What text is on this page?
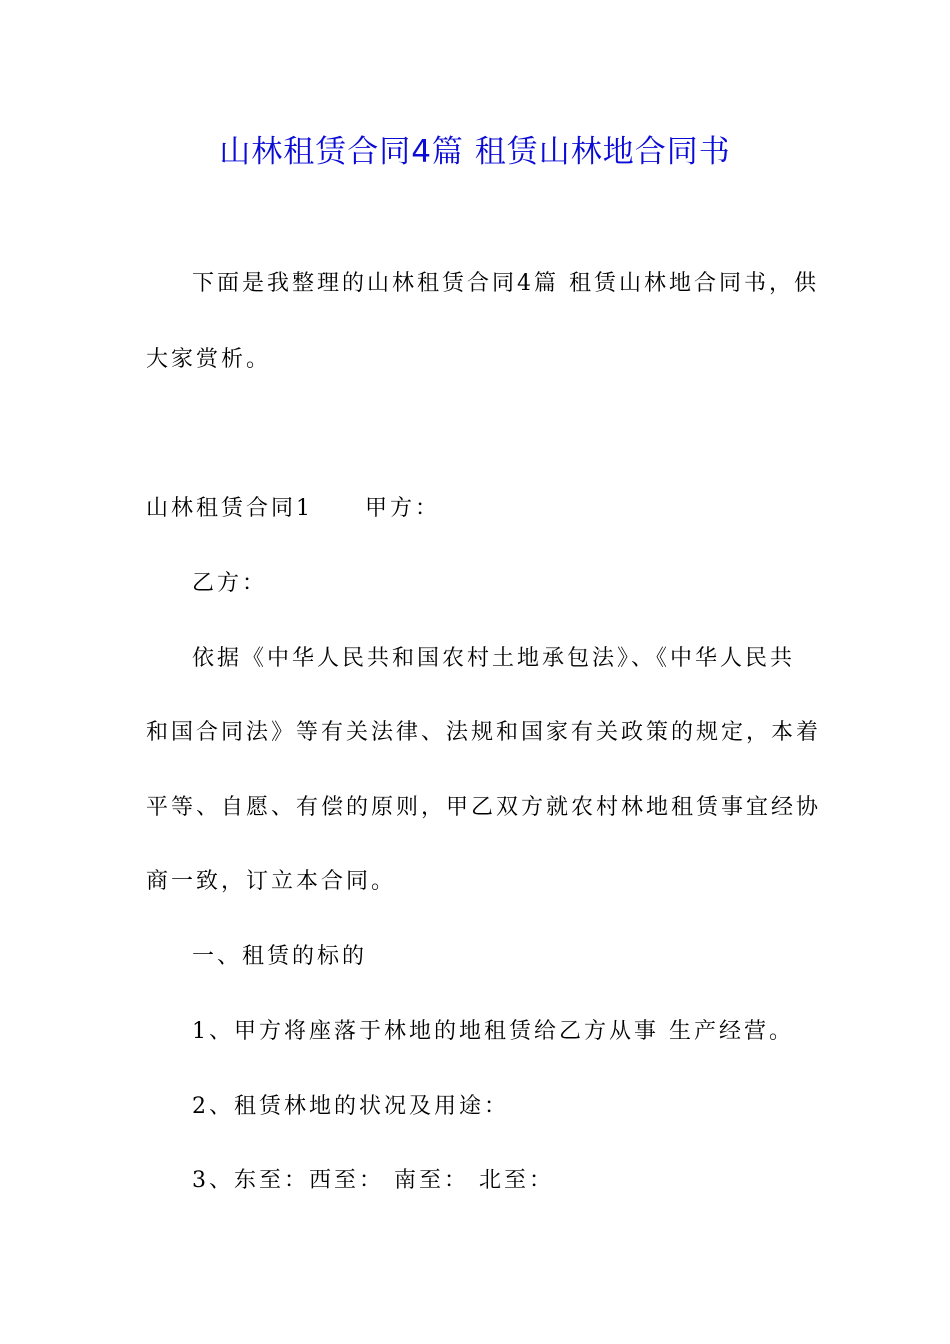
山林租赁合同4篇 租赁山林地合同书
下面是我整理的山林租赁合同4篇 租赁山林地合同书，供
大家赏析。
山林租赁合同1 甲方：
乙方：
依据《中华人民共和国农村土地承包法》、《中华人民共
和国合同法》等有关法律、法规和国家有关政策的规定，本着
平等、自愿、有偿的原则，甲乙双方就农村林地租赁事宜经协
商一致，订立本合同。
一、租赁的标的
1、甲方将座落于林地的地租赁给乙方从事 生产经营。
2、租赁林地的状况及用途：
3、东至：西至： 南至： 北至：
